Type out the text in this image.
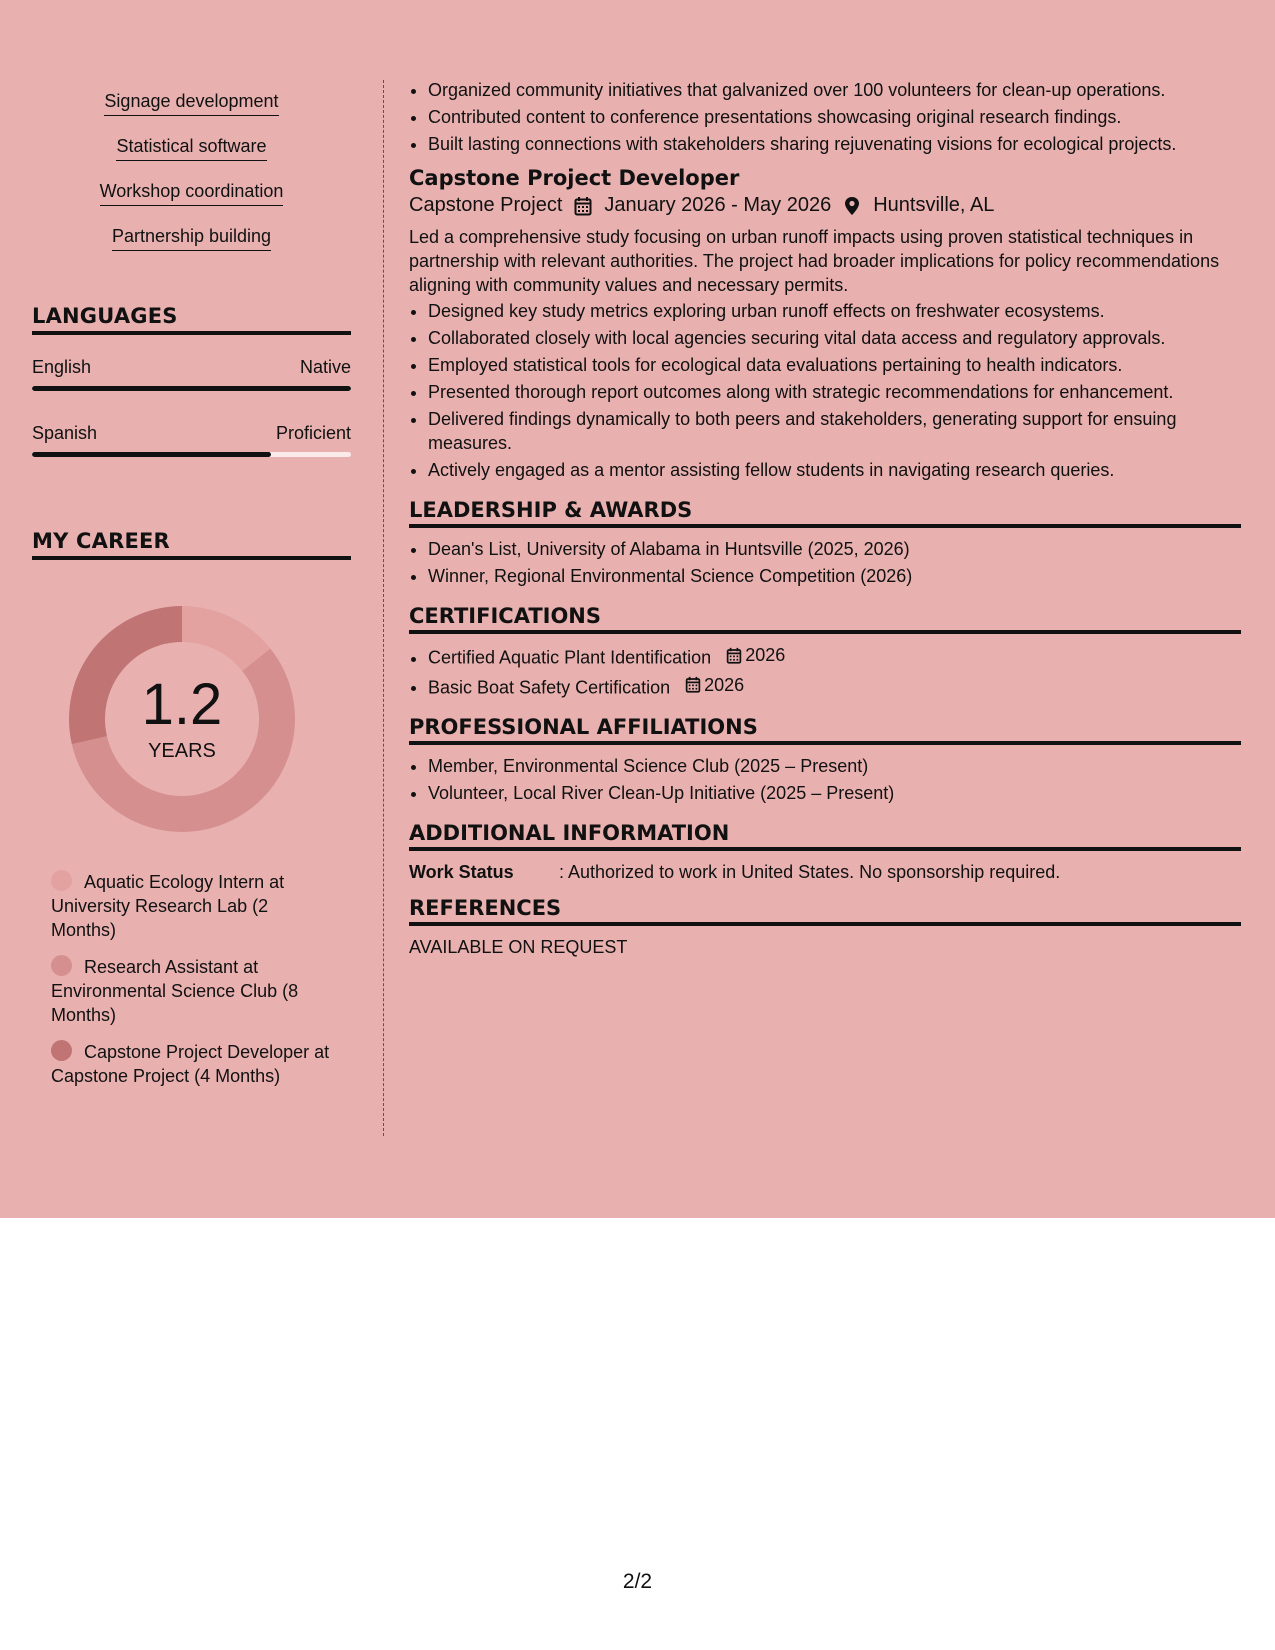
Signage development
Statistical software
Workshop coordination
Partnership building
LANGUAGES
English	Native
Spanish	Proficient
MY CAREER
1.2
YEARS
Aquatic Ecology Intern at University Research Lab (2 Months)
Research Assistant at Environmental Science Club (8 Months)
Capstone Project Developer at Capstone Project (4 Months)
• Organized community initiatives that galvanized over 100 volunteers for clean-up operations.
• Contributed content to conference presentations showcasing original research findings.
• Built lasting connections with stakeholders sharing rejuvenating visions for ecological projects.
Capstone Project Developer
Capstone Project January 2026 - May 2026 Huntsville, AL
Led a comprehensive study focusing on urban runoff impacts using proven statistical techniques in partnership with relevant authorities. The project had broader implications for policy recommendations aligning with community values and necessary permits.
• Designed key study metrics exploring urban runoff effects on freshwater ecosystems.
• Collaborated closely with local agencies securing vital data access and regulatory approvals.
• Employed statistical tools for ecological data evaluations pertaining to health indicators.
• Presented thorough report outcomes along with strategic recommendations for enhancement.
• Delivered findings dynamically to both peers and stakeholders, generating support for ensuing measures.
• Actively engaged as a mentor assisting fellow students in navigating research queries.
LEADERSHIP & AWARDS
• Dean's List, University of Alabama in Huntsville (2025, 2026)
• Winner, Regional Environmental Science Competition (2026)
CERTIFICATIONS
• Certified Aquatic Plant Identification 2026
• Basic Boat Safety Certification 2026
PROFESSIONAL AFFILIATIONS
• Member, Environmental Science Club (2025 – Present)
• Volunteer, Local River Clean-Up Initiative (2025 – Present)
ADDITIONAL INFORMATION
Work Status	: Authorized to work in United States. No sponsorship required.
REFERENCES
AVAILABLE ON REQUEST
2/2
